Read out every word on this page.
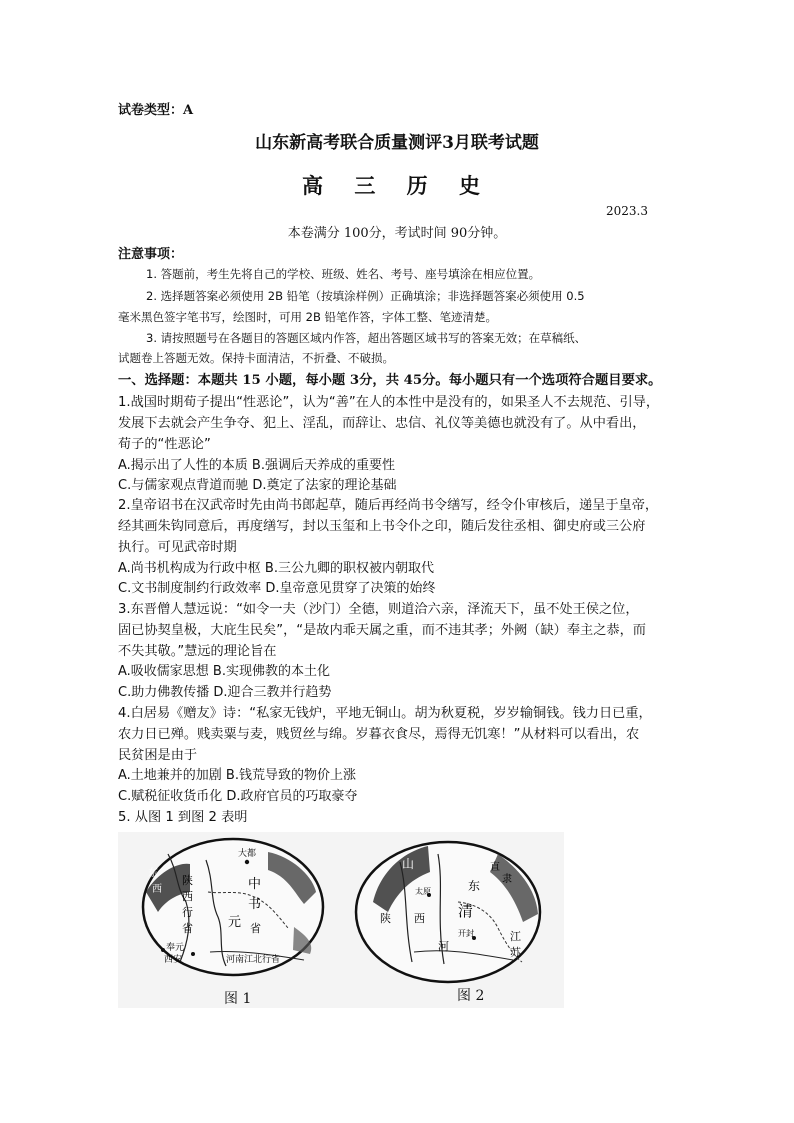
试卷类型：A
山东新高考联合质量测评3月联考试题
高 三 历 史
2023.3
本卷满分 100分，考试时间 90分钟。
注意事项：
1. 答题前，考生先将自己的学校、班级、姓名、考号、座号填涂在相应位置。
2. 选择题答案必须使用 2B 铅笔（按填涂样例）正确填涂；非选择题答案必须使用 0.5
毫米黑色签字笔书写，绘图时，可用 2B 铅笔作答，字体工整、笔迹清楚。
3. 请按照题号在各题目的答题区域内作答，超出答题区域书写的答案无效；在草稿纸、
试题卷上答题无效。保持卡面清洁，不折叠、不破损。
一、选择题：本题共 15 小题，每小题 3分，共 45分。每小题只有一个选项符合题目要求。
1.战国时期荀子提出“性恶论”，认为“善”在人的本性中是没有的，如果圣人不去规范、引导，
发展下去就会产生争夺、犯上、淫乱，而辞让、忠信、礼仪等美德也就没有了。从中看出，
荀子的“性恶论”
A.揭示出了人性的本质 B.强调后天养成的重要性
C.与儒家观点背道而驰 D.奠定了法家的理论基础
2.皇帝诏书在汉武帝时先由尚书郎起草，随后再经尚书令缮写，经令仆审核后，递呈于皇帝，
经其画朱钩同意后，再度缮写，封以玉玺和上书令仆之印，随后发往丞相、御史府或三公府
执行。可见武帝时期
A.尚书机构成为行政中枢 B.三公九卿的职权被内朝取代
C.文书制度制约行政效率 D.皇帝意见贯穿了决策的始终
3.东晋僧人慧远说：“如令一夫（沙门）全德，则道洽六亲，泽流天下，虽不处王侯之位，
固已协契皇极，大庇生民矣”，“是故内乖天属之重，而不违其孝；外阙（缺）奉主之恭，而
不失其敬。”慧远的理论旨在
A.吸收儒家思想 B.实现佛教的本土化
C.助力佛教传播 D.迎合三教并行趋势
4.白居易《赠友》诗：“私家无钱炉，平地无铜山。胡为秋夏税，岁岁输铜钱。钱力日已重，
农力日已殚。贱卖粟与麦，贱贸丝与绵。岁暮衣食尽，焉得无饥寒！”从材料可以看出，农
民贫困是由于
A.土地兼并的加剧 B.钱荒导致的物价上涨
C.赋税征收货币化 D.政府官员的巧取豪夺
5. 从图 1 到图 2 表明
大都
中
书
元 省
陕
西
行
省
奉元
西安	河南江北行省
东
西
山
东
清
陕 西
河
江
苏
太原
开封
直
隶
图 1	图 2
